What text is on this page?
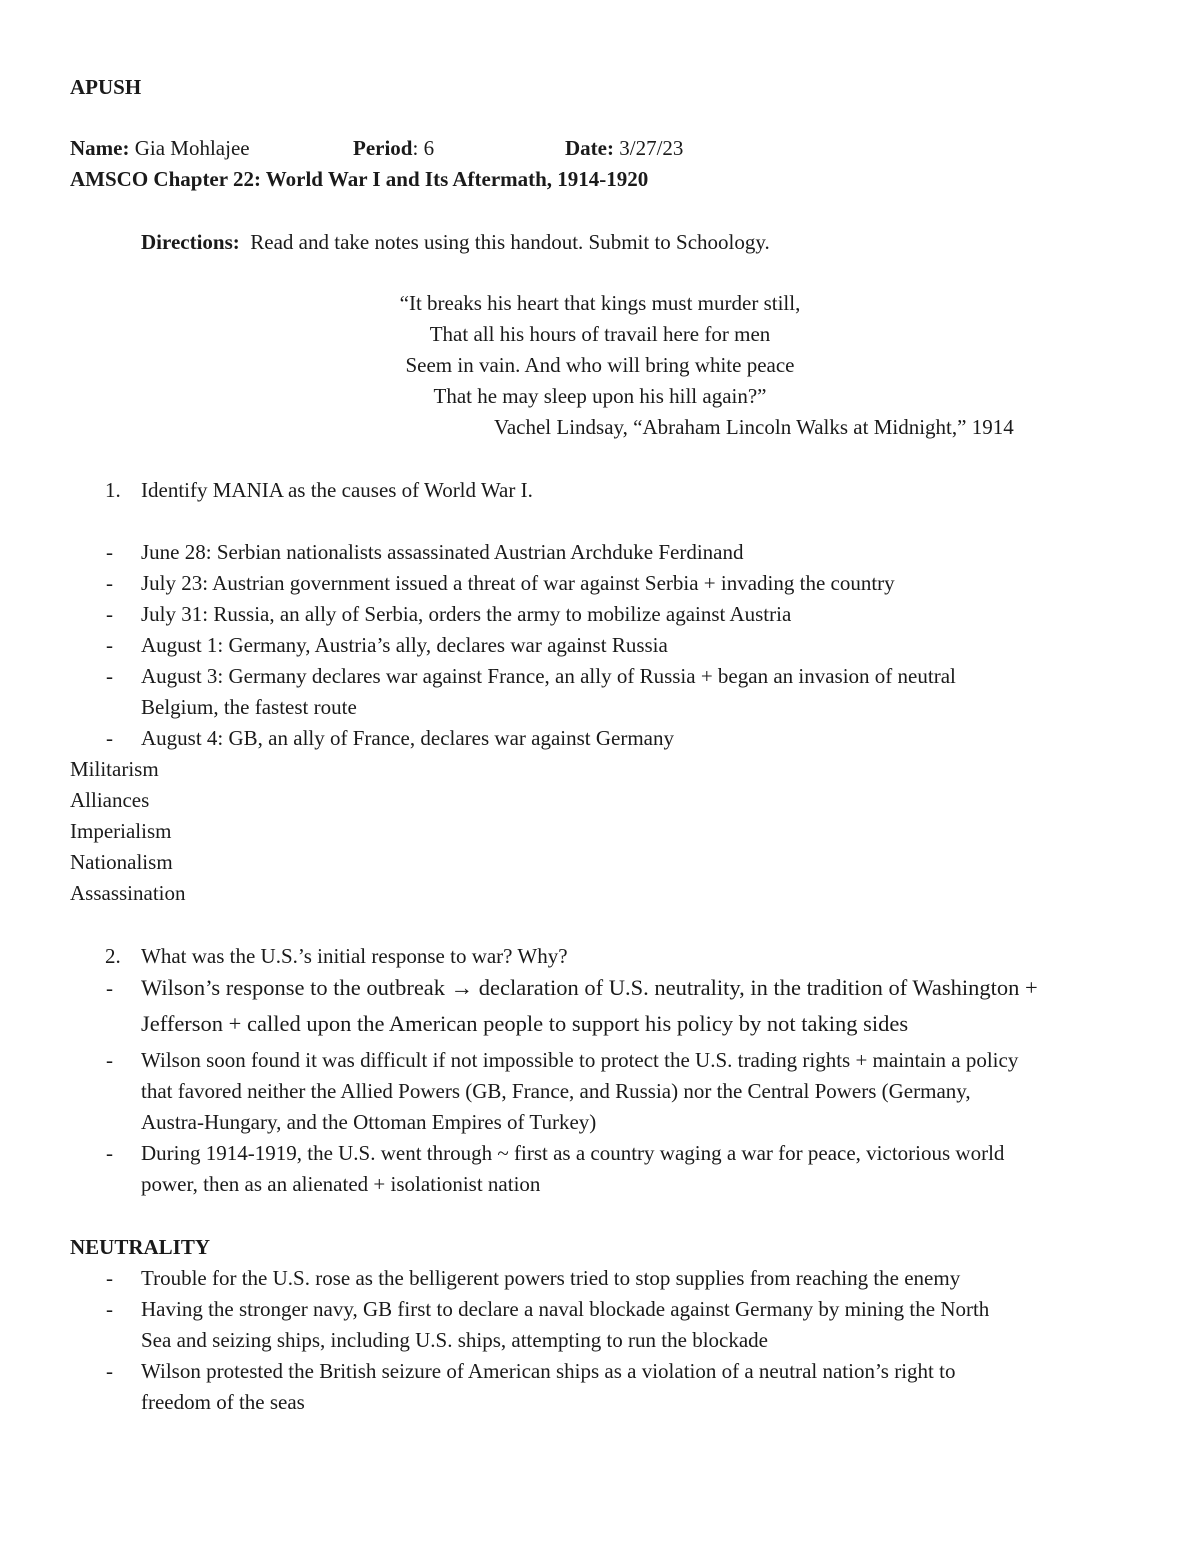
APUSH
Name: Gia Mohlajee	Period: 6	Date: 3/27/23
AMSCO Chapter 22: World War I and Its Aftermath, 1914-1920
Directions: Read and take notes using this handout. Submit to Schoology.
“It breaks his heart that kings must murder still,
That all his hours of travail here for men
Seem in vain. And who will bring white peace
That he may sleep upon his hill again?”
Vachel Lindsay, “Abraham Lincoln Walks at Midnight,” 1914
1. Identify MANIA as the causes of World War I.
- June 28: Serbian nationalists assassinated Austrian Archduke Ferdinand
- July 23: Austrian government issued a threat of war against Serbia + invading the country
- July 31: Russia, an ally of Serbia, orders the army to mobilize against Austria
- August 1: Germany, Austria’s ally, declares war against Russia
- August 3: Germany declares war against France, an ally of Russia + began an invasion of neutral
Belgium, the fastest route
- August 4: GB, an ally of France, declares war against Germany
Militarism
Alliances
Imperialism
Nationalism
Assassination
2. What was the U.S.’s initial response to war? Why?
- Wilson’s response to the outbreak → declaration of U.S. neutrality, in the tradition of Washington +
Jefferson + called upon the American people to support his policy by not taking sides
- Wilson soon found it was difficult if not impossible to protect the U.S. trading rights + maintain a policy
that favored neither the Allied Powers (GB, France, and Russia) nor the Central Powers (Germany,
Austra-Hungary, and the Ottoman Empires of Turkey)
- During 1914-1919, the U.S. went through ~ first as a country waging a war for peace, victorious world
power, then as an alienated + isolationist nation
NEUTRALITY
- Trouble for the U.S. rose as the belligerent powers tried to stop supplies from reaching the enemy
- Having the stronger navy, GB first to declare a naval blockade against Germany by mining the North
Sea and seizing ships, including U.S. ships, attempting to run the blockade
- Wilson protested the British seizure of American ships as a violation of a neutral nation’s right to
freedom of the seas
